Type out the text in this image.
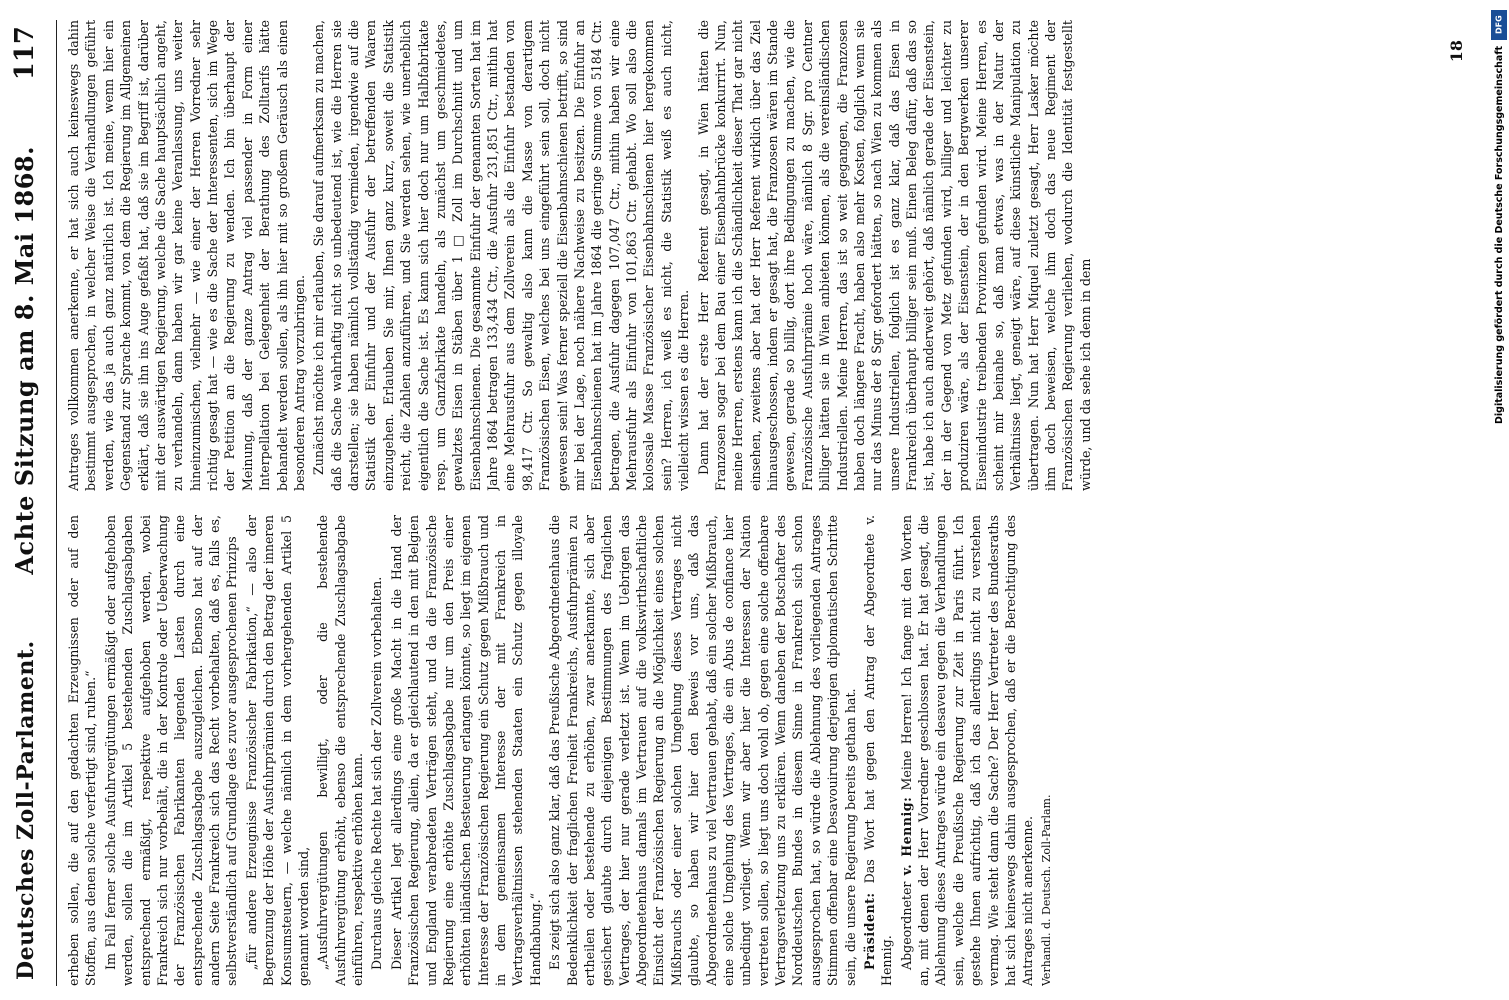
Deutsches Zoll-Parlament.
Achte Sitzung am 8. Mai 1868.
117

erheben sollen, die auf den gedachten Erzeugnissen oder auf den Stoffen, aus denen solche verfertigt sind, ruhen.“ Im Fall ferner solche Ausfuhrvergütungen ermäßigt oder aufgehoben werden, sollen die im Artikel 5 bestehenden Zuschlagsabgaben entsprechend ermäßigt, respektive aufgehoben werden, wobei Frankreich sich nur vorbehält, die in der Kontrole oder Ueberwachung der Französischen Fabrikanten liegenden Lasten durch eine entsprechende Zuschlagsabgabe auszugleichen. Ebenso hat auf der andern Seite Frankreich sich das Recht vorbehalten, daß es, falls es, selbstverständlich auf Grundlage des zuvor ausgesprochenen Prinzips „für andere Erzeugnisse Französischer Fabrikation,“ — also der Begrenzung der Höhe der Ausfuhrprämien durch den Betrag der inneren Konsumsteuern, — welche nämlich in dem vorhergehenden Artikel 5 genannt worden sind, „Ausfuhrvergütungen bewilligt, oder die bestehende Ausfuhrvergütung erhöht, ebenso die entsprechende Zuschlagsabgabe einführen, respektive erhöhen kann. Durchaus gleiche Rechte hat sich der Zollverein vorbehalten. Dieser Artikel legt allerdings eine große Macht in die Hand der Französischen Regierung, allein, da er gleichlautend in den mit Belgien und England verabredeten Verträgen steht, und da die Französische Regierung eine erhöhte Zuschlagsabgabe nur um den Preis einer erhöhten inländischen Besteuerung erlangen könnte, so liegt im eigenen Interesse der Französischen Regierung ein Schutz gegen Mißbrauch und in dem gemeinsamen Interesse der mit Frankreich in Vertragsverhältnissen stehenden Staaten ein Schutz gegen illoyale Handhabung.“ Es zeigt sich also ganz klar, daß das Preußische Abgeordnetenhaus die Bedenklichkeit der fraglichen Freiheit Frankreichs, Ausfuhrprämien zu ertheilen oder bestehende zu erhöhen, zwar anerkannte, sich aber gesichert glaubte durch diejenigen Bestimmungen des fraglichen Vertrages, der hier nur gerade verletzt ist. Wenn im Uebrigen das Abgeordnetenhaus damals im Vertrauen auf die volkswirthschaftliche Einsicht der Französischen Regierung an die Möglichkeit eines solchen Mißbrauchs oder einer solchen Umgehung dieses Vertrages nicht glaubte, so haben wir hier den Beweis vor uns, daß das Abgeordnetenhaus zu viel Vertrauen gehabt, daß ein solcher Mißbrauch, eine solche Umgehung des Vertrages, die ein Abus de confiance hier unbedingt vorliegt. Wenn wir aber hier die Interessen der Nation vertreten sollen, so liegt uns doch wohl ob, gegen eine solche offenbare Vertragsverletzung uns zu erklären. Wenn daneben der Botschafter des Norddeutschen Bundes in diesem Sinne in Frankreich sich schon ausgesprochen hat, so würde die Ablehnung des vorliegenden Antrages Stimmen offenbar eine Desavouirung derjenigen diplomatischen Schritte sein, die unsere Regierung bereits gethan hat. Präsident: Das Wort hat gegen den Antrag der Abgeordnete v. Hennig. Abgeordneter v. Hennig: Meine Herren! Ich fange mit den Worten an, mit denen der Herr Vorredner geschlossen hat. Er hat gesagt, die Ablehnung dieses Antrages würde ein desaveu gegen die Verhandlungen sein, welche die Preußische Regierung zur Zeit in Paris führt. Ich gestehe Ihnen aufrichtig, daß ich das allerdings nicht zu verstehen vermag. Wie steht dann die Sache? Der Herr Vertreter des Bundesraths hat sich keineswegs dahin ausgesprochen, daß er die Berechtigung des Antrages nicht anerkenne. Verhandl. d. Deutsch. Zoll-Parlam.

Antrages vollkommen anerkenne, er hat sich auch keineswegs dahin bestimmt ausgesprochen, in welcher Weise die Verhandlungen geführt werden, wie das ja auch ganz natürlich ist. Ich meine, wenn hier ein Gegenstand zur Sprache kommt, von dem die Regierung im Allgemeinen erklärt, daß sie ihn ins Auge gefaßt hat, daß sie im Begriff ist, darüber mit der auswärtigen Regierung, welche die Sache hauptsächlich angeht, zu verhandeln, dann haben wir gar keine Veranlassung, uns weiter hineinzumischen, vielmehr — wie einer der Herren Vorredner sehr richtig gesagt hat — wie es die Sache der Interessenten, sich im Wege der Petition an die Regierung zu wenden. Ich bin überhaupt der Meinung, daß der ganze Antrag viel passender in Form einer Interpellation bei Gelegenheit der Berathung des Zolltarifs hätte behandelt werden sollen, als ihn hier mit so großem Geräusch als einen besonderen Antrag vorzubringen. Zunächst möchte ich mir erlauben, Sie darauf aufmerksam zu machen, daß die Sache wahrhaftig nicht so unbedeutend ist, wie die Herren sie darstellen; sie haben nämlich vollständig vermieden, irgendwie auf die Statistik der Einfuhr und der Ausfuhr der betreffenden Waaren einzugehen. Erlauben Sie mir, Ihnen ganz kurz, soweit die Statistik reicht, die Zahlen anzuführen, und Sie werden sehen, wie unerheblich eigentlich die Sache ist. Es kann sich hier doch nur um Halbfabrikate resp. um Ganzfabrikate handeln, als zunächst um geschmiedetes, gewalztes Eisen in Stäben über 1 □ Zoll im Durchschnitt und um Eisenbahnschienen. Die gesammte Einfuhr der genannten Sorten hat im Jahre 1864 betragen 133,434 Ctr., die Ausfuhr 231,851 Ctr., mithin hat eine Mehrausfuhr aus dem Zollverein als die Einfuhr bestanden von 98,417 Ctr. So gewaltig also kann die Masse von derartigem Französischen Eisen, welches bei uns eingeführt sein soll, doch nicht gewesen sein! Was ferner speziell die Eisenbahnschienen betrifft, so sind mir bei der Lage, noch nähere Nachweise zu besitzen. Die Einfuhr an Eisenbahnschienen hat im Jahre 1864 die geringe Summe von 5184 Ctr. betragen, die Ausfuhr dagegen 107,047 Ctr., mithin haben wir eine Mehrausfuhr als Einfuhr von 101,863 Ctr. gehabt. Wo soll also die kolossale Masse Französischer Eisenbahnschienen hier hergekommen sein? Herren, ich weiß es nicht, die Statistik weiß es auch nicht, vielleicht wissen es die Herren. Dann hat der erste Herr Referent gesagt, in Wien hätten die Franzosen sogar bei dem Bau einer Eisenbahnbrücke konkurrirt. Nun, meine Herren, erstens kann ich die Schändlichkeit dieser That gar nicht einsehen, zweitens aber hat der Herr Referent wirklich über das Ziel hinausgeschossen, indem er gesagt hat, die Franzosen wären im Stande gewesen, gerade so billig, dort ihre Bedingungen zu machen, wie die Französische Ausfuhrprämie hoch wäre, nämlich 8 Sgr. pro Centner billiger hätten sie in Wien anbieten können, als die vereinsländischen Industriellen. Meine Herren, das ist so weit gegangen, die Franzosen haben doch längere Fracht, haben also mehr Kosten, folglich wenn sie nur das Minus der 8 Sgr. gefordert hätten, so nach Wien zu kommen als unsere Industriellen, folglich ist es ganz klar, daß das Eisen in Frankreich überhaupt billiger sein muß. Einen Beleg dafür, daß das so ist, habe ich auch anderweit gehört, daß nämlich gerade der Eisenstein, der in der Gegend von Metz gefunden wird, billiger und leichter zu produziren wäre, als der Eisenstein, der in den Bergwerken unserer Eisenindustrie treibenden Provinzen gefunden wird. Meine Herren, es scheint mir beinahe so, daß man etwas, was in der Natur der Verhältnisse liegt, geneigt wäre, auf diese künstliche Manipulation zu übertragen. Nun hat Herr Miquel zuletzt gesagt, Herr Lasker möchte ihm doch beweisen, welche ihm doch das neue Regiment der Französischen Regierung verliehen, wodurch die Identität festgestellt würde, und da sehe ich denn in dem

18
DFG
Digitalisierung gefördert durch die Deutsche Forschungsgemeinschaft
